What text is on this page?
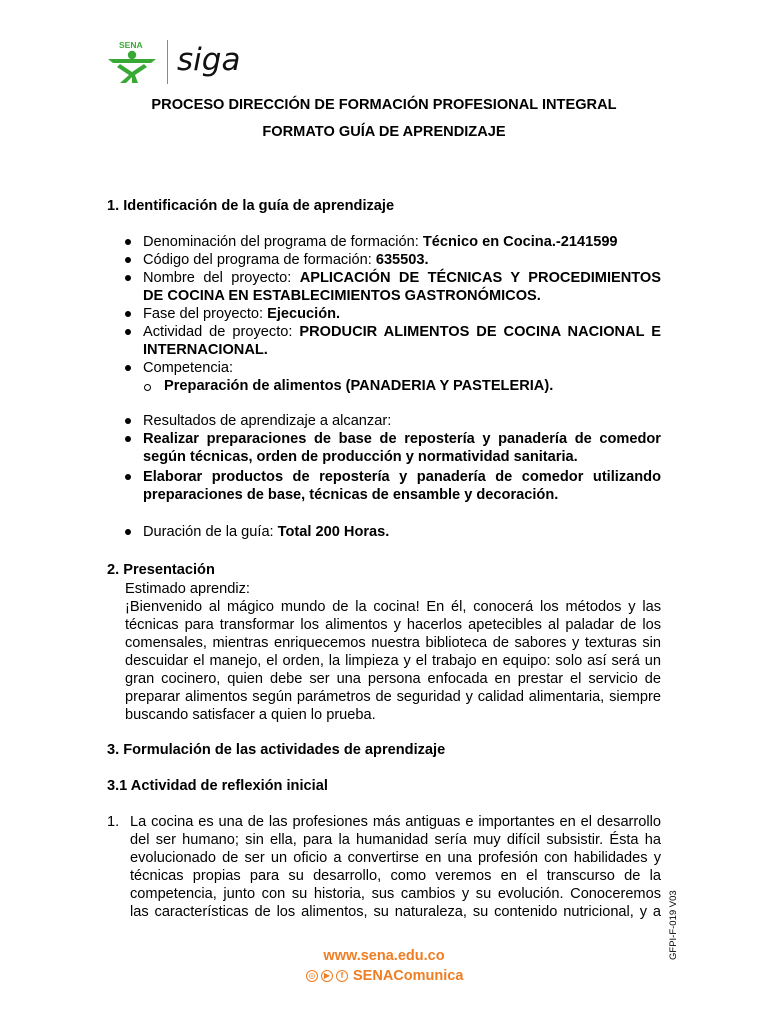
SENA siga
PROCESO DIRECCIÓN DE FORMACIÓN PROFESIONAL INTEGRAL
FORMATO GUÍA DE APRENDIZAJE
1. Identificación de la guía de aprendizaje
Denominación del programa de formación: Técnico en Cocina.-2141599
Código del programa de formación: 635503.
Nombre del proyecto: APLICACIÓN DE TÉCNICAS Y PROCEDIMIENTOS
DE COCINA EN ESTABLECIMIENTOS GASTRONÓMICOS.
Fase del proyecto: Ejecución.
Actividad de proyecto: PRODUCIR ALIMENTOS DE COCINA NACIONAL E
INTERNACIONAL.
Competencia:
Preparación de alimentos (PANADERIA Y PASTELERIA).
Resultados de aprendizaje a alcanzar:
Realizar preparaciones de base de repostería y panadería de comedor
según técnicas, orden de producción y normatividad sanitaria.
Elaborar productos de repostería y panadería de comedor utilizando
preparaciones de base, técnicas de ensamble y decoración.
Duración de la guía: Total 200 Horas.
2. Presentación
Estimado aprendiz:
¡Bienvenido al mágico mundo de la cocina! En él, conocerá los métodos y las
técnicas para transformar los alimentos y hacerlos apetecibles al paladar de los
comensales, mientras enriquecemos nuestra biblioteca de sabores y texturas sin
descuidar el manejo, el orden, la limpieza y el trabajo en equipo: solo así será un
gran cocinero, quien debe ser una persona enfocada en prestar el servicio de
preparar alimentos según parámetros de seguridad y calidad alimentaria, siempre
buscando satisfacer a quien lo prueba.
3. Formulación de las actividades de aprendizaje
3.1 Actividad de reflexión inicial
1. La cocina es una de las profesiones más antiguas e importantes en el desarrollo
del ser humano; sin ella, para la humanidad sería muy difícil subsistir. Ésta ha
evolucionado de ser un oficio a convertirse en una profesión con habilidades y
técnicas propias para su desarrollo, como veremos en el transcurso de la
competencia, junto con su historia, sus cambios y su evolución. Conoceremos
las características de los alimentos, su naturaleza, su contenido nutricional, y a
www.sena.edu.co
◎	▶	f SENAComunica
GFPI-F-019 V03
